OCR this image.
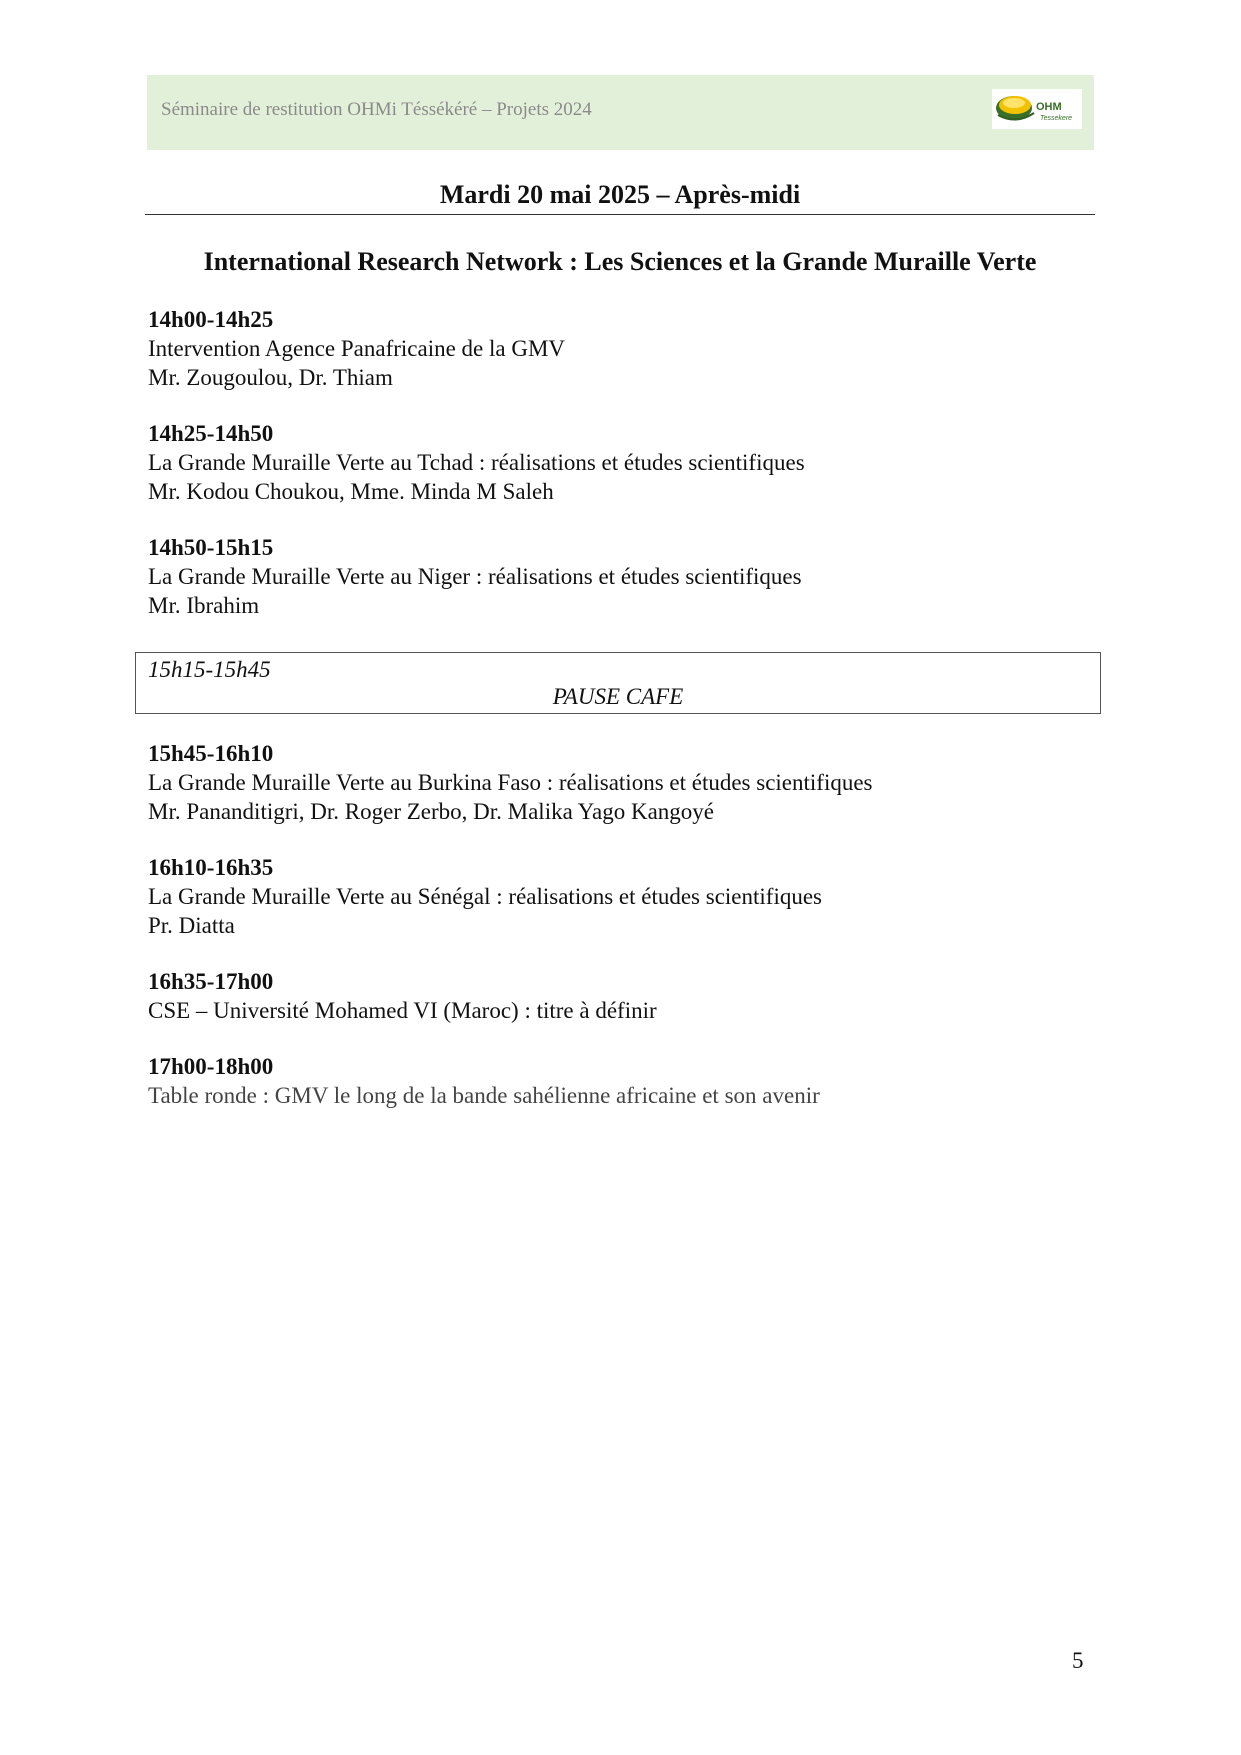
Séminaire de restitution OHMi Téssékéré – Projets 2024	OHM
Tessekere
Mardi 20 mai 2025 – Après-midi
International Research Network : Les Sciences et la Grande Muraille Verte
14h00-14h25
Intervention Agence Panafricaine de la GMV
Mr. Zougoulou, Dr. Thiam
14h25-14h50
La Grande Muraille Verte au Tchad : réalisations et études scientifiques
Mr. Kodou Choukou, Mme. Minda M Saleh
14h50-15h15
La Grande Muraille Verte au Niger : réalisations et études scientifiques
Mr. Ibrahim
15h15-15h45
PAUSE CAFE
15h45-16h10
La Grande Muraille Verte au Burkina Faso : réalisations et études scientifiques
Mr. Pananditigri, Dr. Roger Zerbo, Dr. Malika Yago Kangoyé
16h10-16h35
La Grande Muraille Verte au Sénégal : réalisations et études scientifiques
Pr. Diatta
16h35-17h00
CSE – Université Mohamed VI (Maroc) : titre à définir
17h00-18h00
Table ronde : GMV le long de la bande sahélienne africaine et son avenir
5
